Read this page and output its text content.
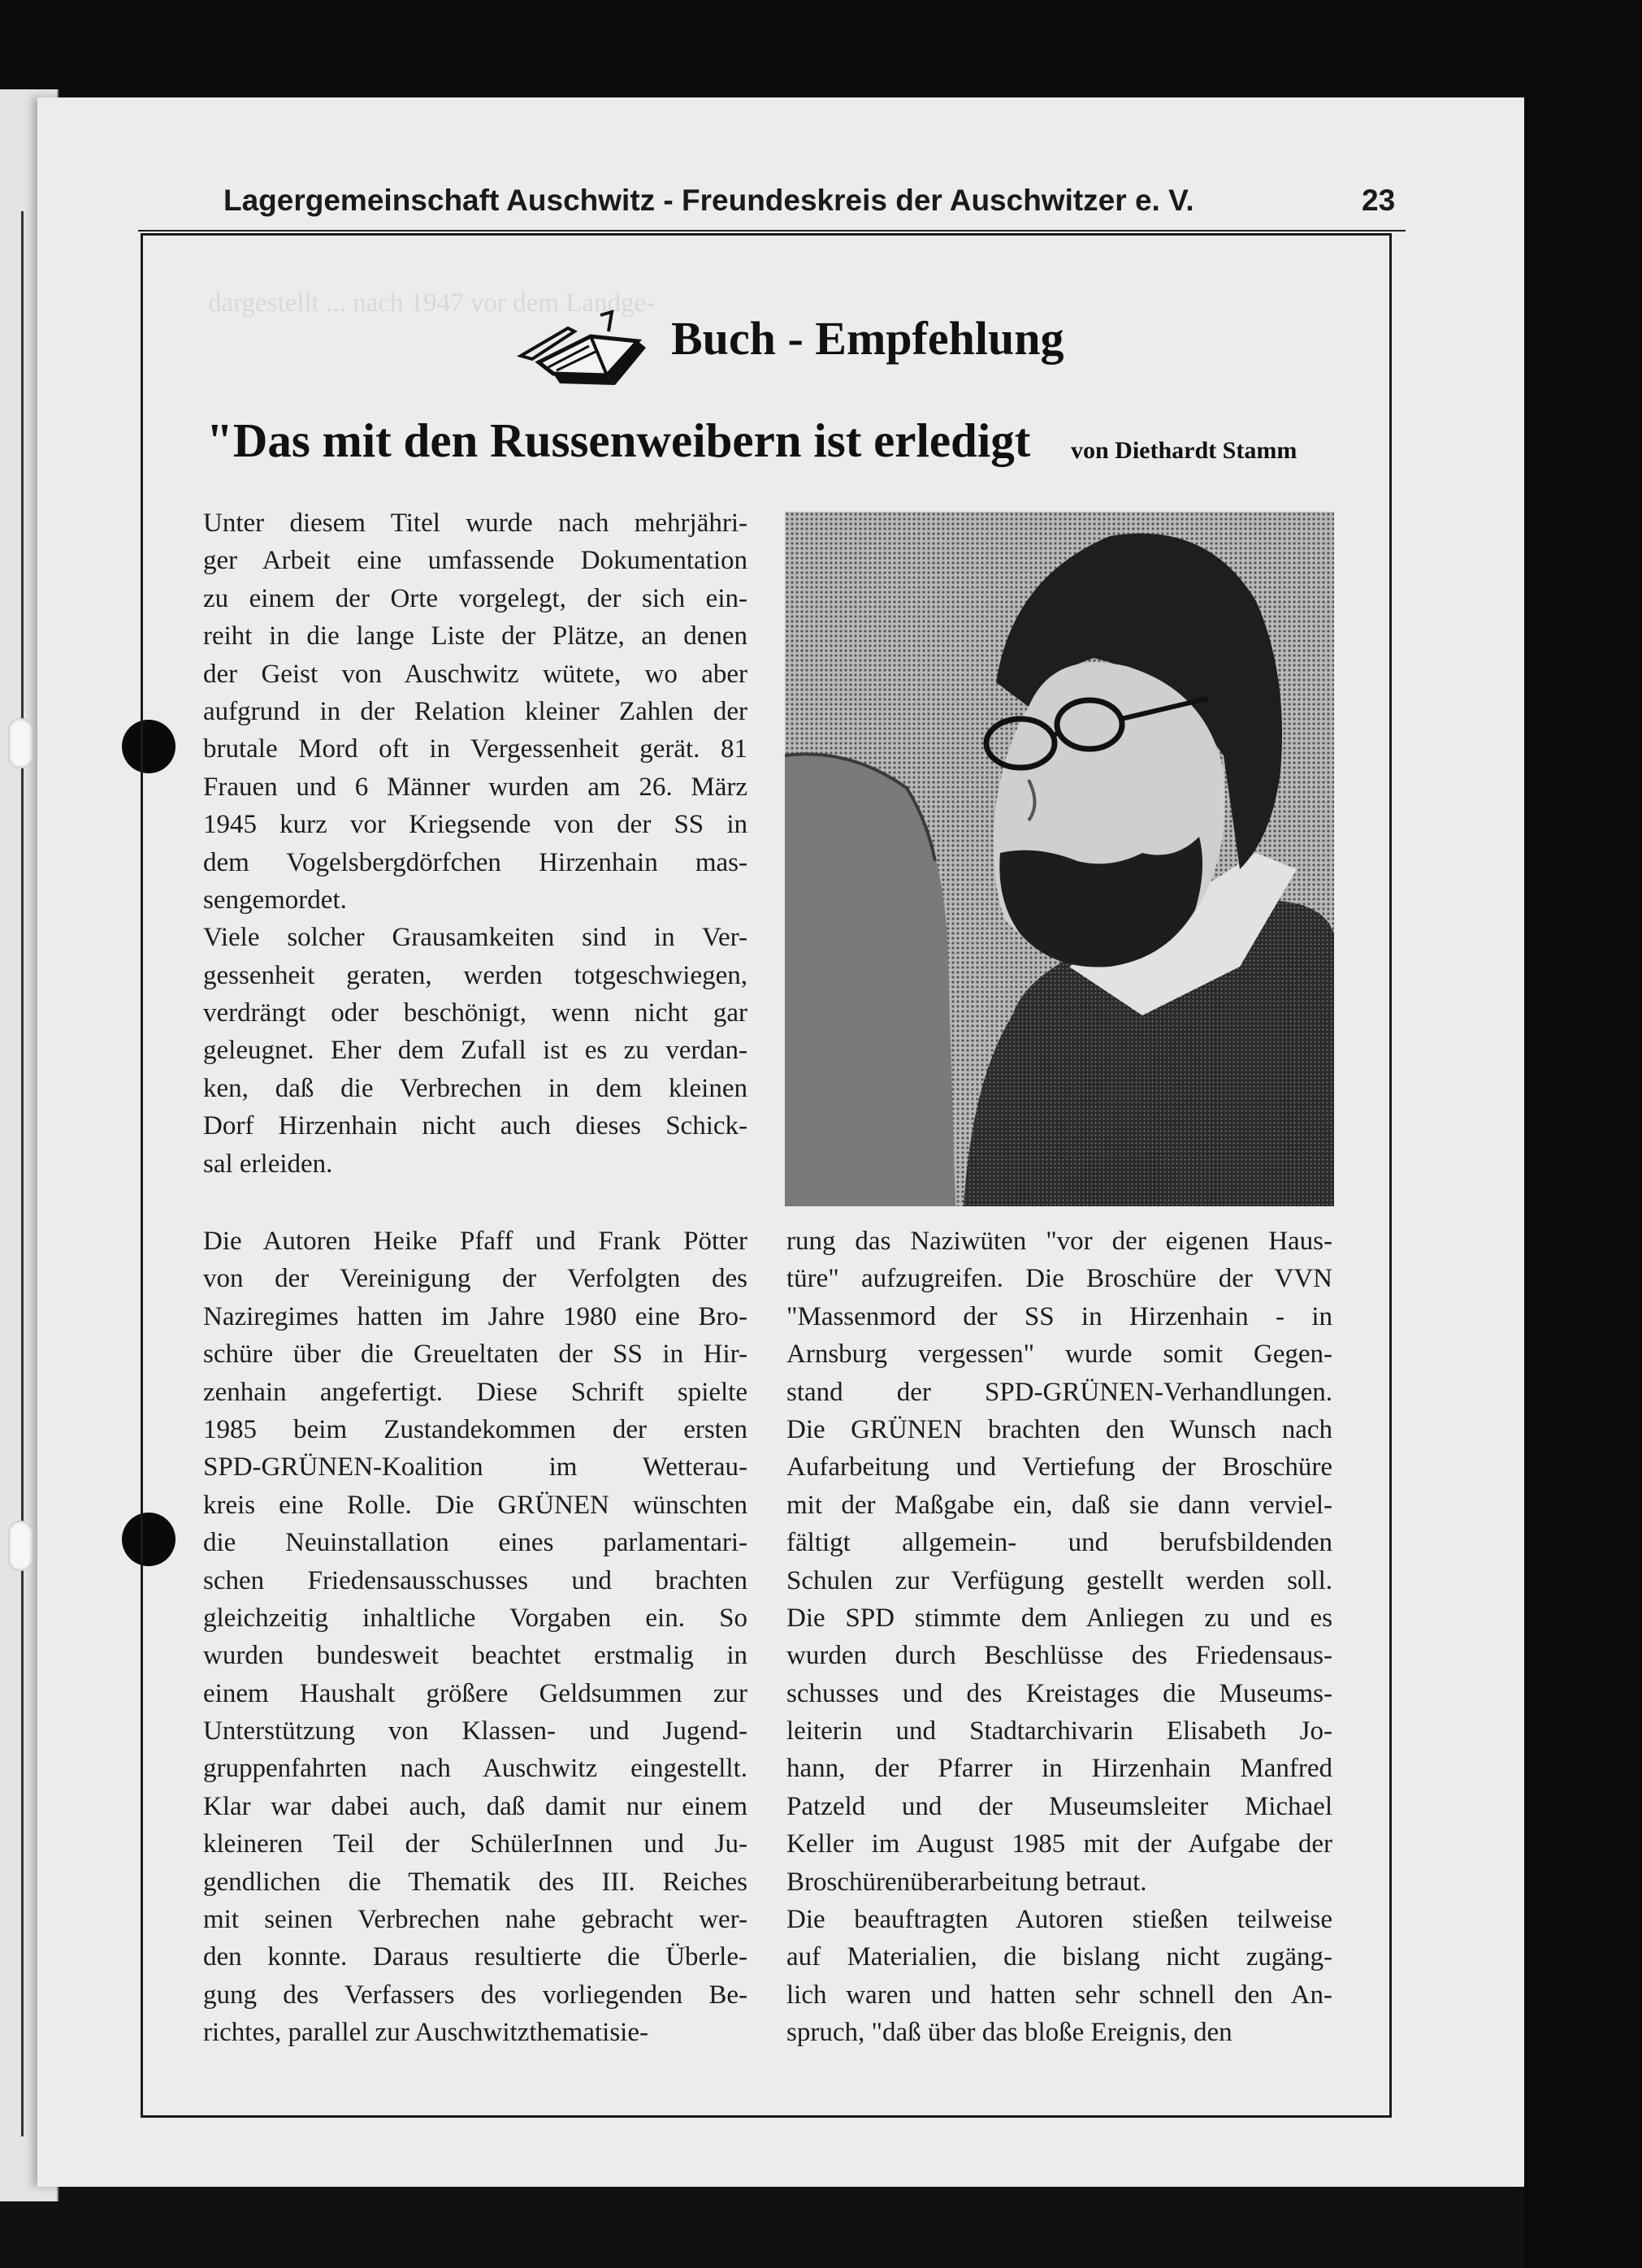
dargestellt ... nach 1947 vor dem Landge-
Lagergemeinschaft Auschwitz - Freundeskreis der Auschwitzer e. V.	23
Buch - Empfehlung
"Das mit den Russenweibern ist erledigt von Diethardt Stamm
Unter diesem Titel wurde nach mehrjähri-
ger Arbeit eine umfassende Dokumentation
zu einem der Orte vorgelegt, der sich ein-
reiht in die lange Liste der Plätze, an denen
der Geist von Auschwitz wütete, wo aber
aufgrund in der Relation kleiner Zahlen der
brutale Mord oft in Vergessenheit gerät. 81
Frauen und 6 Männer wurden am 26. März
1945 kurz vor Kriegsende von der SS in
dem Vogelsbergdörfchen Hirzenhain mas-
sengemordet.
Viele solcher Grausamkeiten sind in Ver-
gessenheit geraten, werden totgeschwiegen,
verdrängt oder beschönigt, wenn nicht gar
geleugnet. Eher dem Zufall ist es zu verdan-
ken, daß die Verbrechen in dem kleinen
Dorf Hirzenhain nicht auch dieses Schick-
sal erleiden.
Die Autoren Heike Pfaff und Frank Pötter
von der Vereinigung der Verfolgten des
Naziregimes hatten im Jahre 1980 eine Bro-
schüre über die Greueltaten der SS in Hir-
zenhain angefertigt. Diese Schrift spielte
1985 beim Zustandekommen der ersten
SPD-GRÜNEN-Koalition im Wetterau-
kreis eine Rolle. Die GRÜNEN wünschten
die Neuinstallation eines parlamentari-
schen Friedensausschusses und brachten
gleichzeitig inhaltliche Vorgaben ein. So
wurden bundesweit beachtet erstmalig in
einem Haushalt größere Geldsummen zur
Unterstützung von Klassen- und Jugend-
gruppenfahrten nach Auschwitz eingestellt.
Klar war dabei auch, daß damit nur einem
kleineren Teil der SchülerInnen und Ju-
gendlichen die Thematik des III. Reiches
mit seinen Verbrechen nahe gebracht wer-
den konnte. Daraus resultierte die Überle-
gung des Verfassers des vorliegenden Be-
richtes, parallel zur Auschwitzthematisie-
rung das Naziwüten "vor der eigenen Haus-
türe" aufzugreifen. Die Broschüre der VVN
"Massenmord der SS in Hirzenhain - in
Arnsburg vergessen" wurde somit Gegen-
stand der SPD-GRÜNEN-Verhandlungen.
Die GRÜNEN brachten den Wunsch nach
Aufarbeitung und Vertiefung der Broschüre
mit der Maßgabe ein, daß sie dann verviel-
fältigt allgemein- und berufsbildenden
Schulen zur Verfügung gestellt werden soll.
Die SPD stimmte dem Anliegen zu und es
wurden durch Beschlüsse des Friedensaus-
schusses und des Kreistages die Museums-
leiterin und Stadtarchivarin Elisabeth Jo-
hann, der Pfarrer in Hirzenhain Manfred
Patzeld und der Museumsleiter Michael
Keller im August 1985 mit der Aufgabe der
Broschürenüberarbeitung betraut.
Die beauftragten Autoren stießen teilweise
auf Materialien, die bislang nicht zugäng-
lich waren und hatten sehr schnell den An-
spruch, "daß über das bloße Ereignis, den
